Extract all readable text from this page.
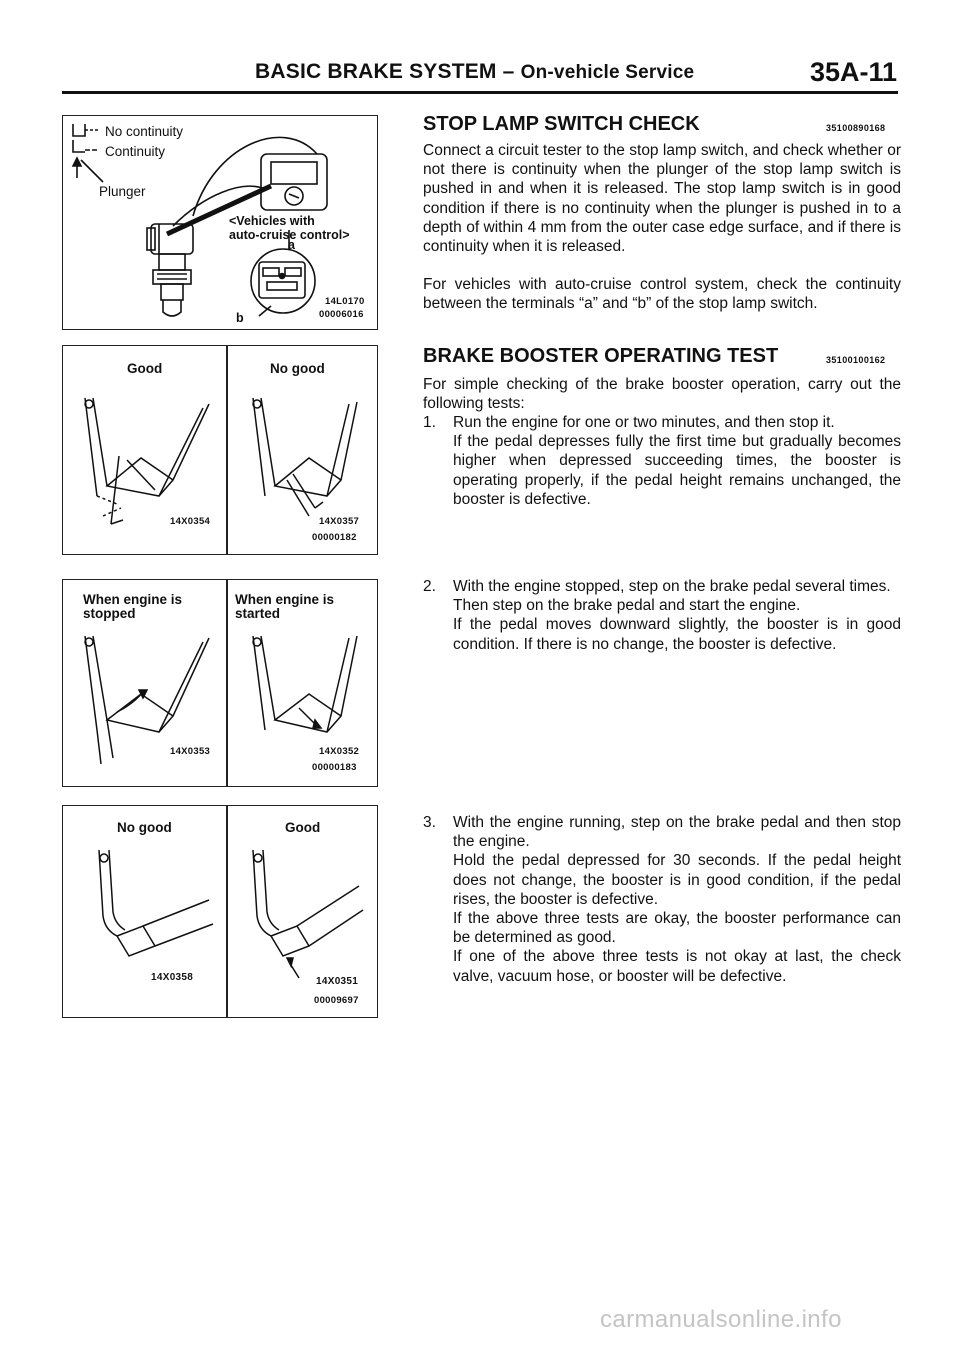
BASIC BRAKE SYSTEM – On-vehicle Service	35A-11
No continuity
Continuity
Plunger
<Vehicles with
auto-cruise control>
a
b
14L0170
00006016
Good	No good
14X0354	14X0357
00000182
When engine is
stopped
When engine is
started
14X0353	14X0352
00000183
No good	Good
14X0358	14X0351
00009697
STOP LAMP SWITCH CHECK	35100890168
Connect a circuit tester to the stop lamp switch, and check whether or not there is continuity when the plunger of the stop lamp switch is pushed in and when it is released. The stop lamp switch is in good condition if there is no continuity when the plunger is pushed in to a depth of within 4 mm from the outer case edge surface, and if there is continuity when it is released.
For vehicles with auto-cruise control system, check the continuity between the terminals “a” and “b” of the stop lamp switch.
BRAKE BOOSTER OPERATING TEST	35100100162
For simple checking of the brake booster operation, carry out the following tests:
1. Run the engine for one or two minutes, and then stop it.

If the pedal depresses fully the first time but gradually becomes higher when depressed succeeding times, the booster is operating properly, if the pedal height remains unchanged, the booster is defective.

2. With the engine stopped, step on the brake pedal several times.

Then step on the brake pedal and start the engine.

If the pedal moves downward slightly, the booster is in good condition. If there is no change, the booster is defective.

3. With the engine running, step on the brake pedal and then stop the engine.

Hold the pedal depressed for 30 seconds. If the pedal height does not change, the booster is in good condition, if the pedal rises, the booster is defective.

If the above three tests are okay, the booster performance can be determined as good.

If one of the above three tests is not okay at last, the check valve, vacuum hose, or booster will be defective.

carmanualsonline.info
